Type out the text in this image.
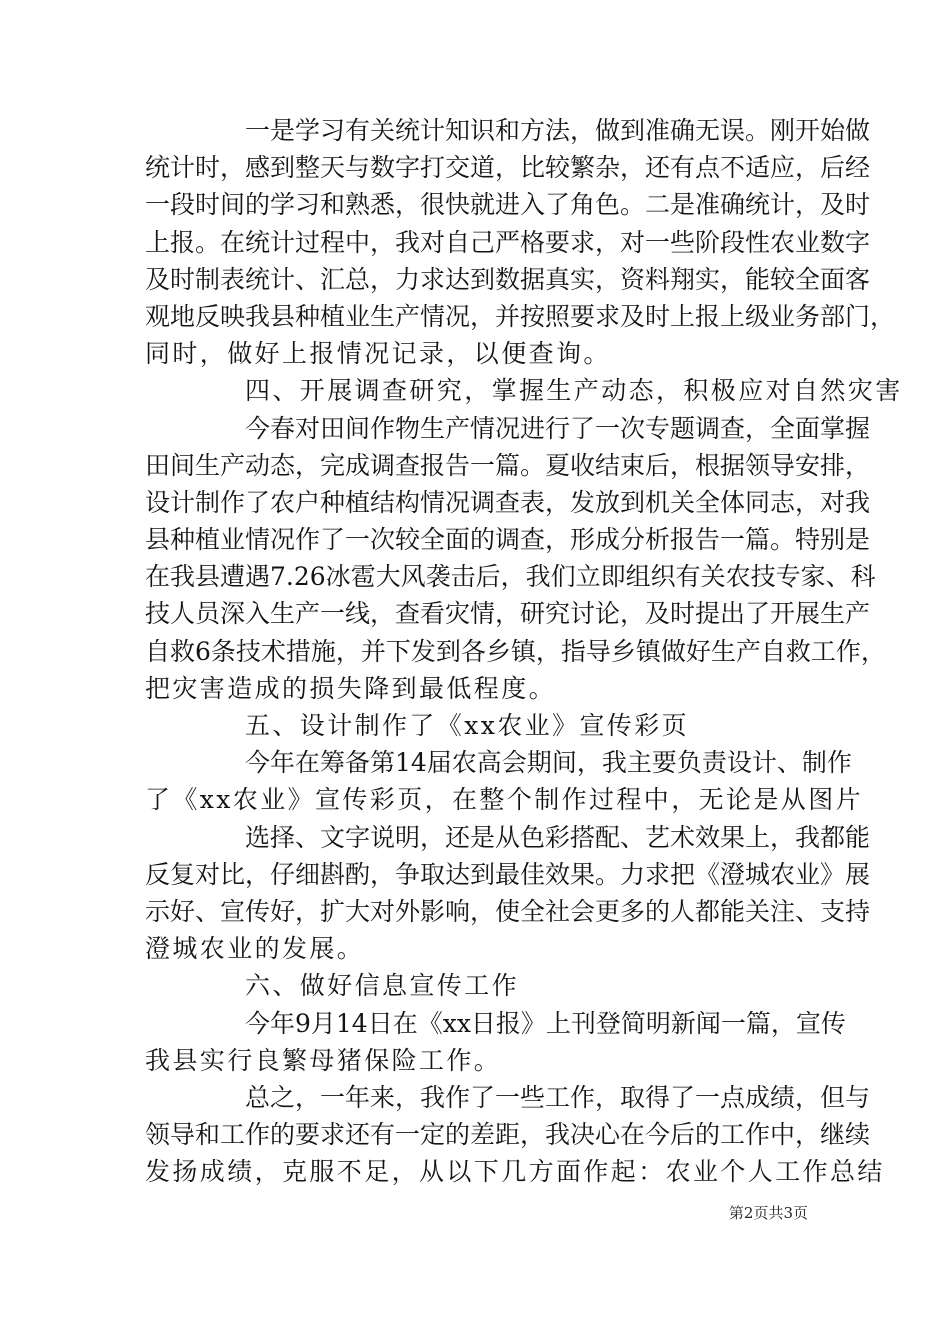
一是学习有关统计知识和方法，做到准确无误。刚开始做
统计时，感到整天与数字打交道，比较繁杂，还有点不适应，后经
一段时间的学习和熟悉，很快就进入了角色。二是准确统计，及时
上报。在统计过程中，我对自己严格要求，对一些阶段性农业数字
及时制表统计、汇总，力求达到数据真实，资料翔实，能较全面客
观地反映我县种植业生产情况，并按照要求及时上报上级业务部门，
同时，做好上报情况记录，以便查询。
四、开展调查研究，掌握生产动态，积极应对自然灾害
今春对田间作物生产情况进行了一次专题调查，全面掌握
田间生产动态，完成调查报告一篇。夏收结束后，根据领导安排，
设计制作了农户种植结构情况调查表，发放到机关全体同志，对我
县种植业情况作了一次较全面的调查，形成分析报告一篇。特别是
在我县遭遇7.26冰雹大风袭击后，我们立即组织有关农技专家、科
技人员深入生产一线，查看灾情，研究讨论，及时提出了开展生产
自救6条技术措施，并下发到各乡镇，指导乡镇做好生产自救工作，
把灾害造成的损失降到最低程度。
五、设计制作了《xx农业》宣传彩页
今年在筹备第14届农高会期间，我主要负责设计、制作
了《xx农业》宣传彩页，在整个制作过程中，无论是从图片
选择、文字说明，还是从色彩搭配、艺术效果上，我都能
反复对比，仔细斟酌，争取达到最佳效果。力求把《澄城农业》展
示好、宣传好，扩大对外影响，使全社会更多的人都能关注、支持
澄城农业的发展。
六、做好信息宣传工作
今年9月14日在《xx日报》上刊登简明新闻一篇，宣传
我县实行良繁母猪保险工作。
总之，一年来，我作了一些工作，取得了一点成绩，但与
领导和工作的要求还有一定的差距，我决心在今后的工作中，继续
发扬成绩，克服不足，从以下几方面作起：农业个人工作总结
第2页共3页
